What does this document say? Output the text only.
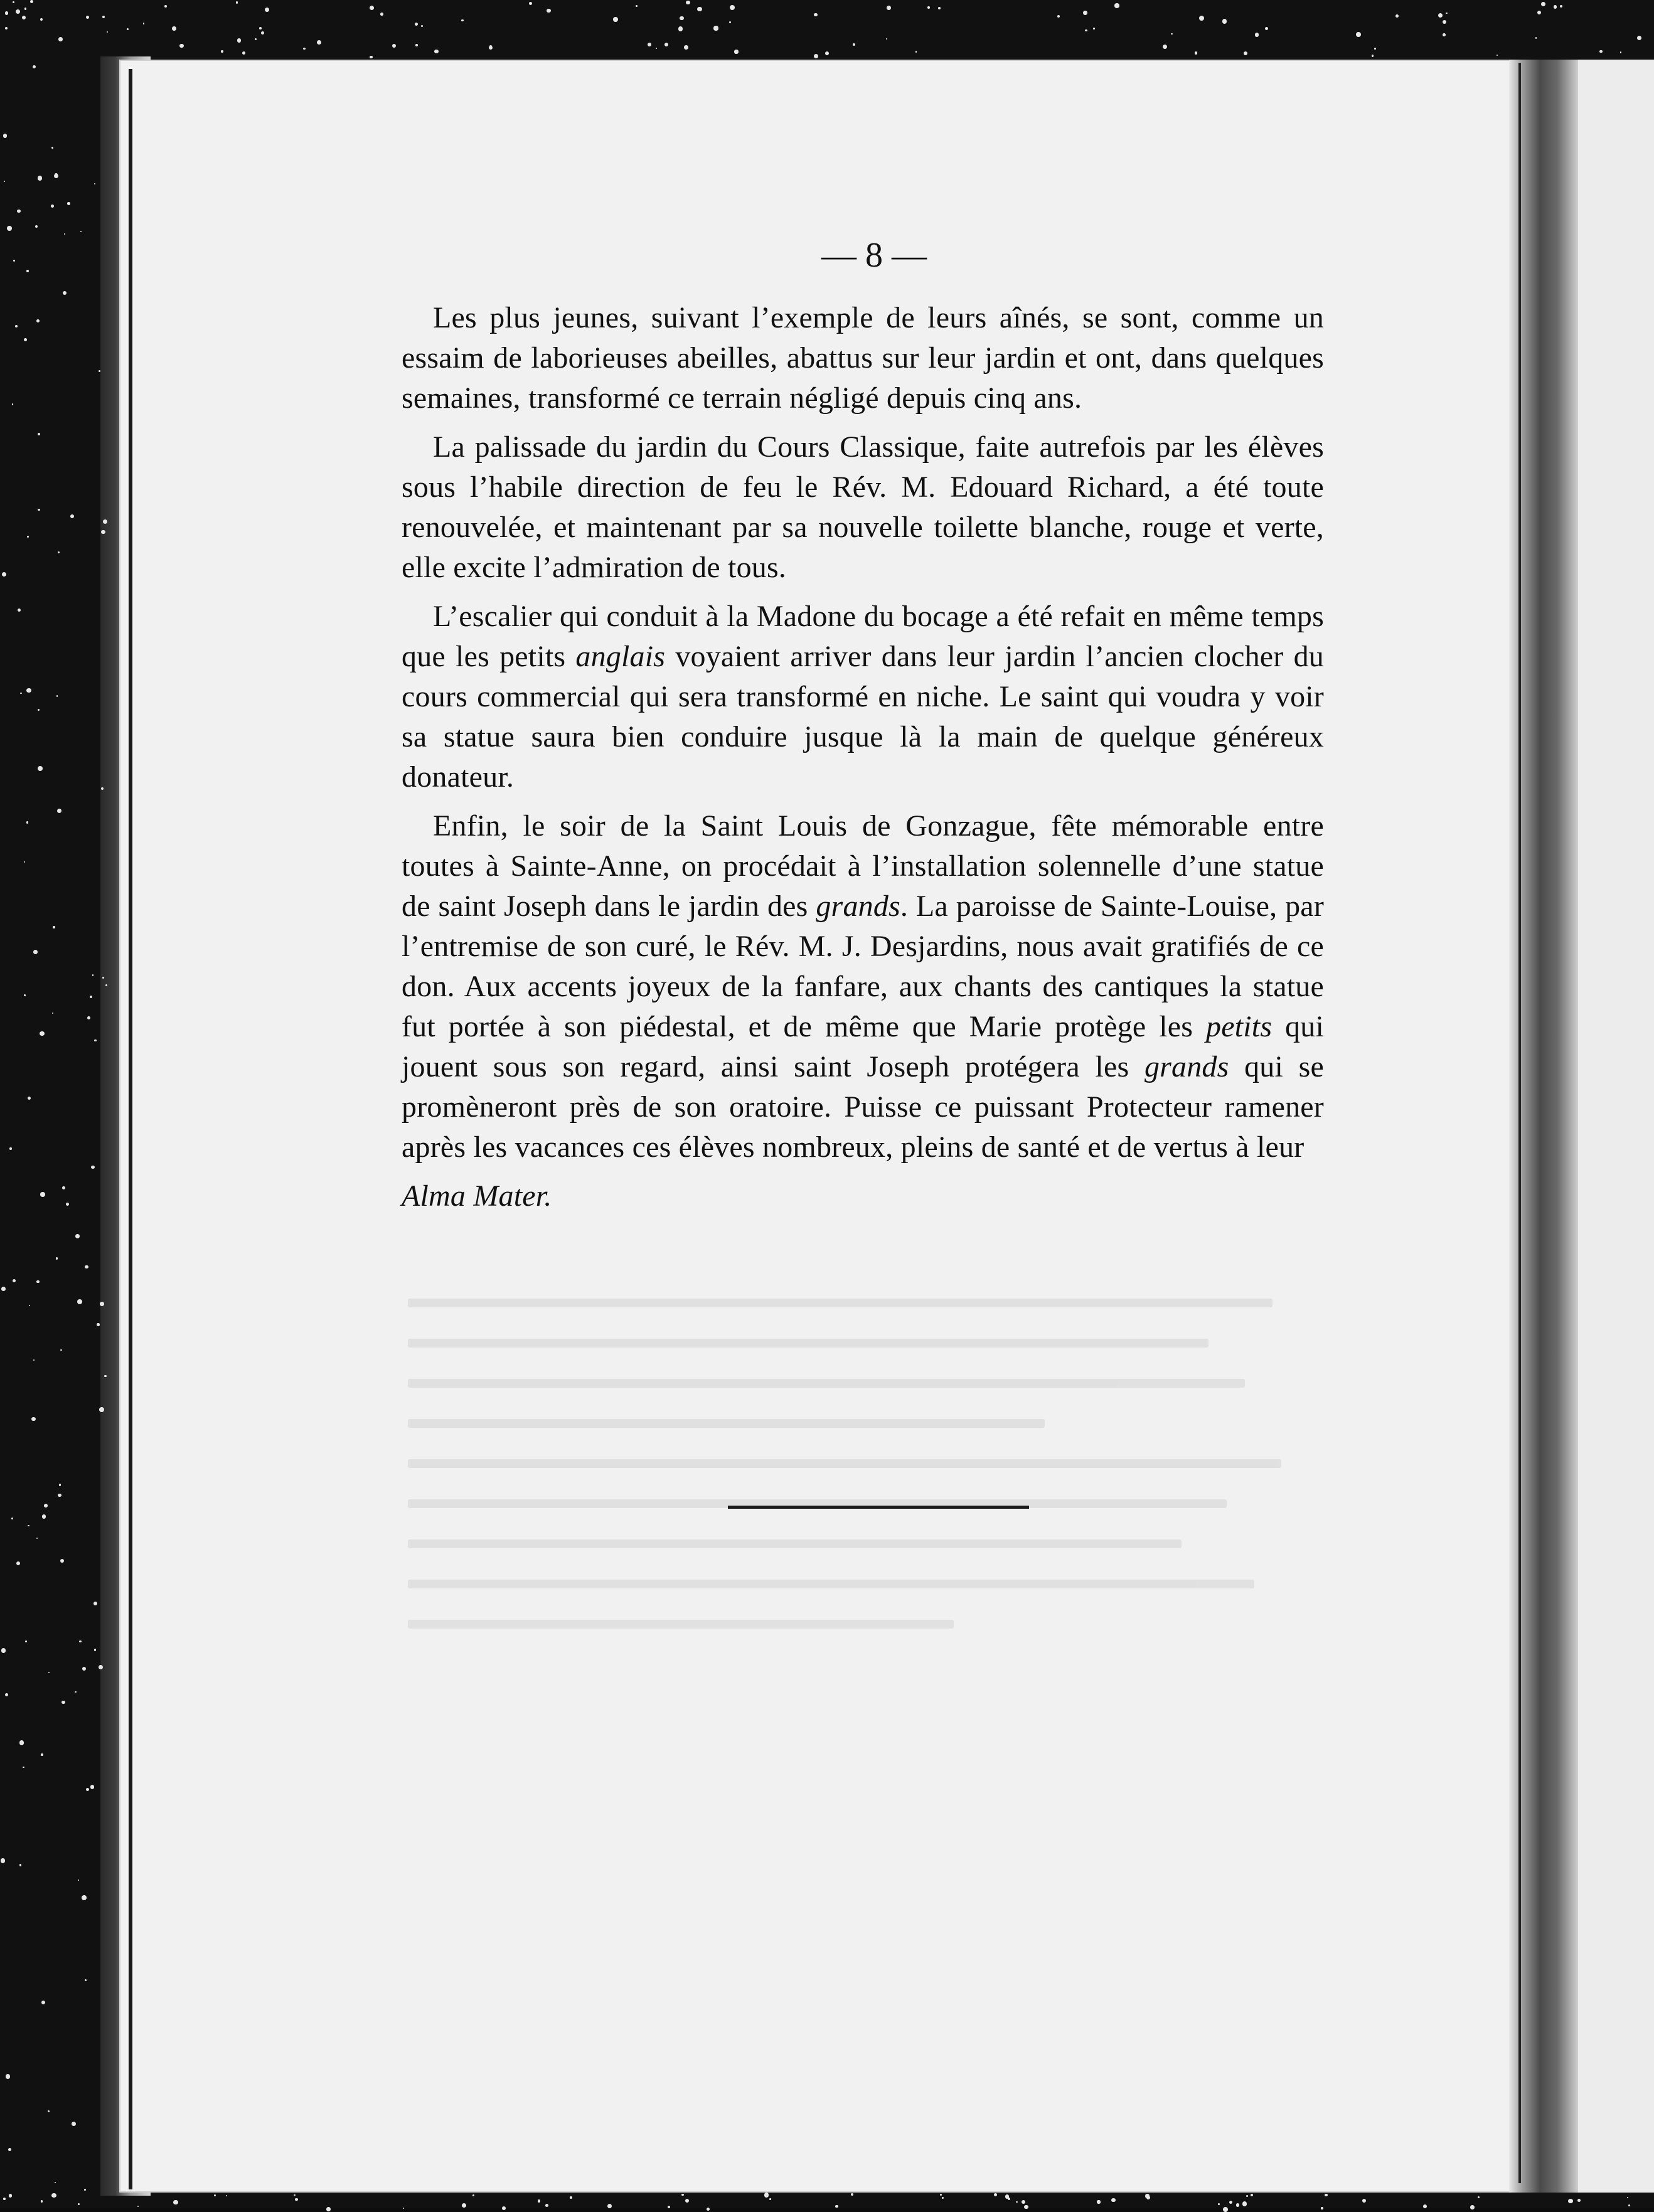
— 8 —

Les plus jeunes, suivant l’exemple de leurs aînés, se sont, comme un essaim de laborieuses abeilles, abattus sur leur jardin et ont, dans quelques semaines, transformé ce terrain négligé depuis cinq ans.

La palissade du jardin du Cours Classique, faite autrefois par les élèves sous l’habile direction de feu le Rév. M. Edouard Richard, a été toute renouvelée, et maintenant par sa nouvelle toilette blanche, rouge et verte, elle excite l’admiration de tous.

L’escalier qui conduit à la Madone du bocage a été refait en même temps que les petits anglais voyaient arriver dans leur jardin l’ancien clocher du cours commercial qui sera transformé en niche. Le saint qui voudra y voir sa statue saura bien conduire jusque là la main de quelque généreux donateur.

Enfin, le soir de la Saint Louis de Gonzague, fête mémorable entre toutes à Sainte-Anne, on procédait à l’installation solennelle d’une statue de saint Joseph dans le jardin des grands. La paroisse de Sainte-Louise, par l’entremise de son curé, le Rév. M. J. Desjardins, nous avait gratifiés de ce don. Aux accents joyeux de la fanfare, aux chants des cantiques la statue fut portée à son piédestal, et de même que Marie protège les petits qui jouent sous son regard, ainsi saint Joseph protégera les grands qui se promèneront près de son oratoire. Puisse ce puissant Protecteur ramener après les vacances ces élèves nombreux, pleins de santé et de vertus à leur

Alma Mater.
